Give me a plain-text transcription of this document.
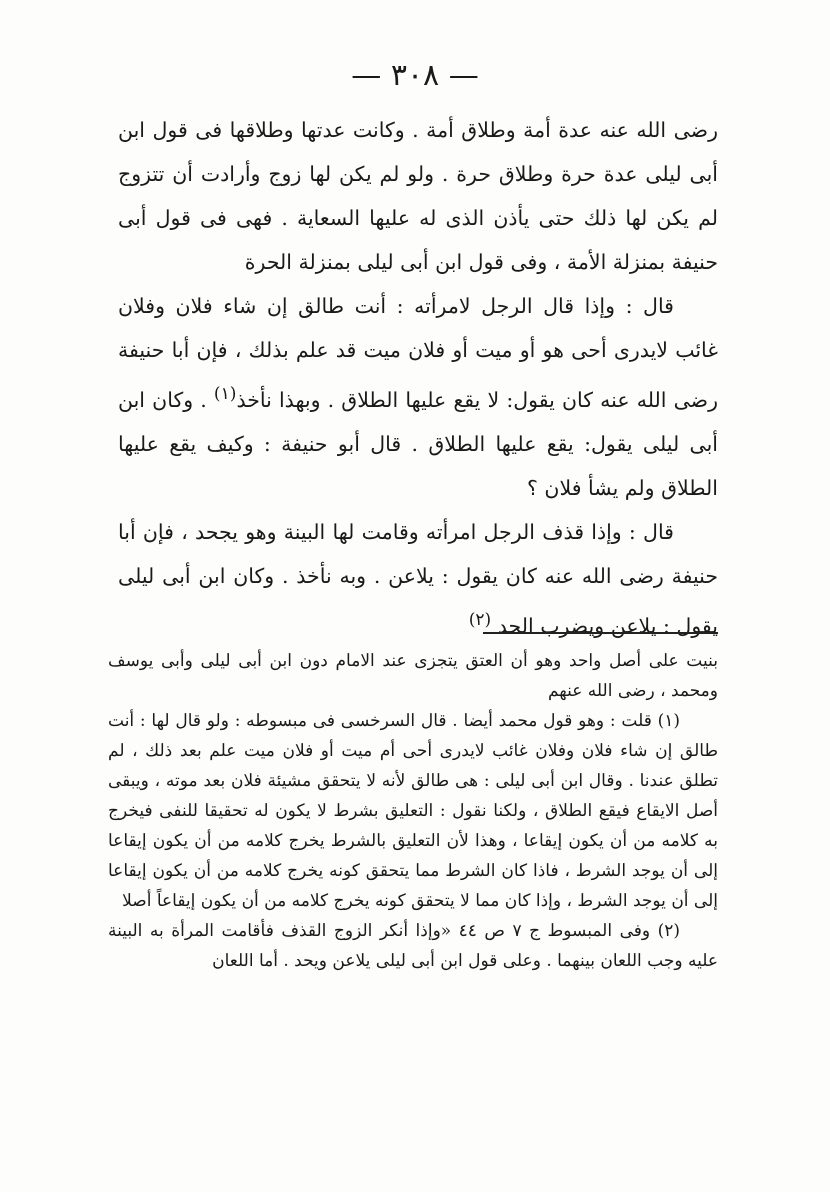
— ٣٠٨ —

رضى الله عنه عدة أمة وطلاق أمة . وكانت عدتها وطلاقها فى قول ابن أبى ليلى عدة حرة وطلاق حرة . ولو لم يكن لها زوج وأرادت أن تتزوج لم يكن لها ذلك حتى يأذن الذى له عليها السعاية . فهى فى قول أبى حنيفة بمنزلة الأمة ، وفى قول ابن أبى ليلى بمنزلة الحرة

قال : وإذا قال الرجل لامرأته : أنت طالق إن شاء فلان وفلان غائب لايدرى أحى هو أو ميت أو فلان ميت قد علم بذلك ، فإن أبا حنيفة رضى الله عنه كان يقول: لا يقع عليها الطلاق . وبهذا نأخذ$^{(١)}$ . وكان ابن أبى ليلى يقول: يقع عليها الطلاق . قال أبو حنيفة : وكيف يقع عليها الطلاق ولم يشأ فلان ؟

قال : وإذا قذف الرجل امرأته وقامت لها البينة وهو يجحد ، فإن أبا حنيفة رضى الله عنه كان يقول : يلاعن . وبه نأخذ . وكان ابن أبى ليلى يقول : يلاعن ويضرب الحد $^{(٢)}$

بنيت على أصل واحد وهو أن العتق يتجزى عند الامام دون ابن أبى ليلى وأبى يوسف ومحمد ، رضى الله عنهم

(١) قلت : وهو قول محمد أيضا . قال السرخسى فى مبسوطه : ولو قال لها : أنت طالق إن شاء فلان وفلان غائب لايدرى أحى أم ميت أو فلان ميت علم بعد ذلك ، لم تطلق عندنا . وقال ابن أبى ليلى : هى طالق لأنه لا يتحقق مشيئة فلان بعد موته ، ويبقى أصل الايقاع فيقع الطلاق ، ولكنا نقول : التعليق بشرط لا يكون له تحقيقا للنفى فيخرج به كلامه من أن يكون إيقاعا ، وهذا لأن التعليق بالشرط يخرج كلامه من أن يكون إيقاعا إلى أن يوجد الشرط ، فاذا كان الشرط مما يتحقق كونه يخرج كلامه من أن يكون إيقاعا إلى أن يوجد الشرط ، وإذا كان مما لا يتحقق كونه يخرج كلامه من أن يكون إيقاعاً أصلا

(٢) وفى المبسوط ج ٧ ص ٤٤ «وإذا أنكر الزوج القذف فأقامت المرأة به البينة عليه وجب اللعان بينهما . وعلى قول ابن أبى ليلى يلاعن ويحد . أما اللعان
